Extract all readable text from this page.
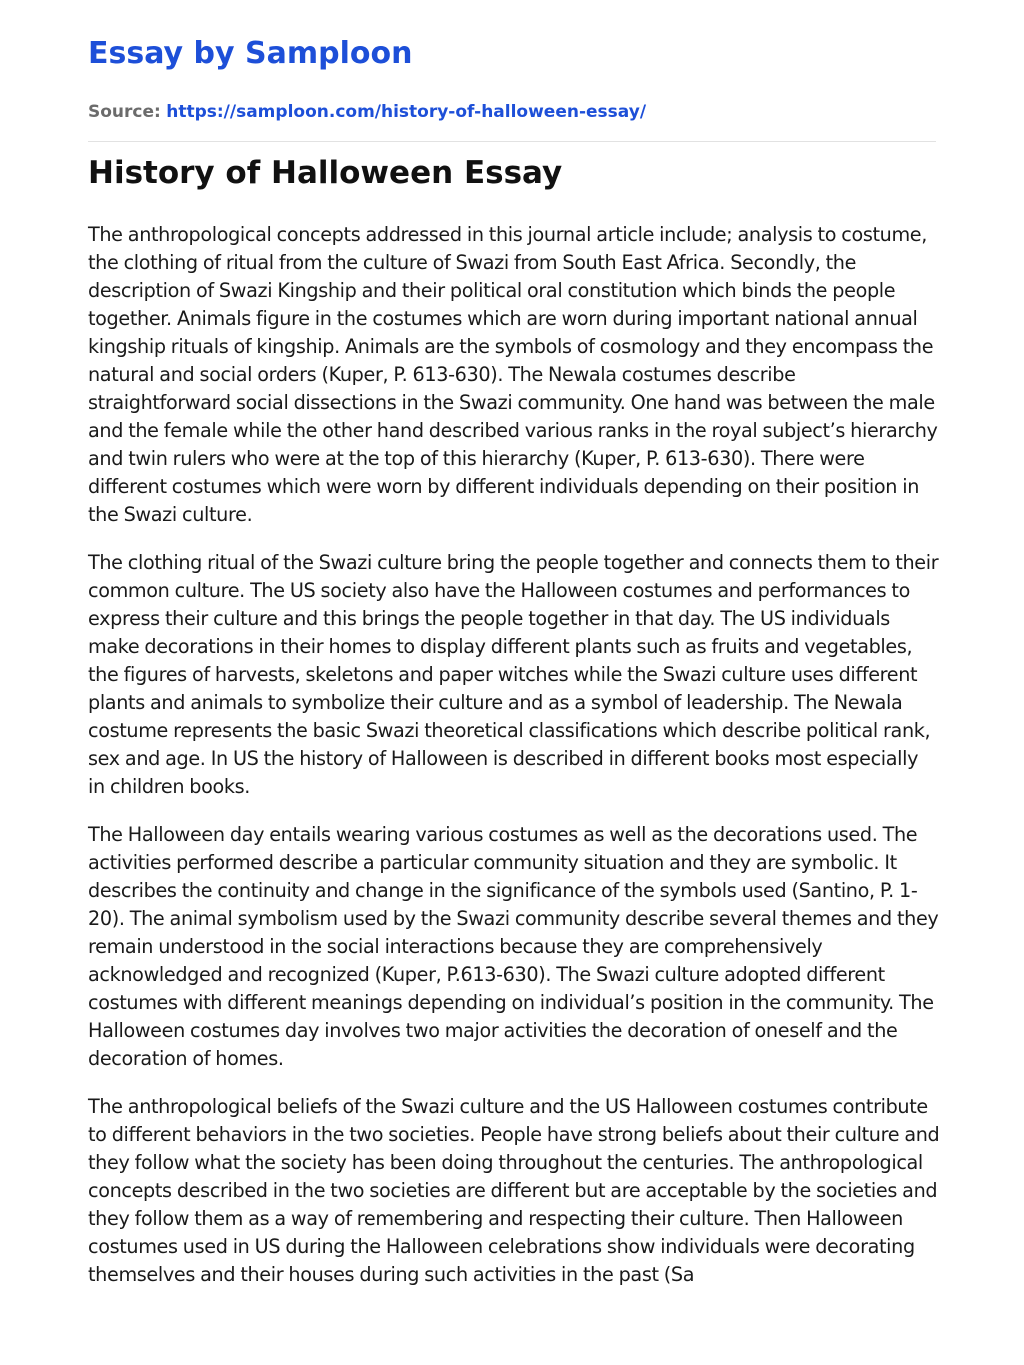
Essay by Samploon
Source: https://samploon.com/history-of-halloween-essay/
History of Halloween Essay

The anthropological concepts addressed in this journal article include; analysis to costume, the clothing of ritual from the culture of Swazi from South East Africa. Secondly, the description of Swazi Kingship and their political oral constitution which binds the people together. Animals figure in the costumes which are worn during important national annual kingship rituals of kingship. Animals are the symbols of cosmology and they encompass the natural and social orders (Kuper, P. 613-630). The Newala costumes describe straightforward social dissections in the Swazi community. One hand was between the male and the female while the other hand described various ranks in the royal subject’s hierarchy and twin rulers who were at the top of this hierarchy (Kuper, P. 613-630). There were different costumes which were worn by different individuals depending on their position in the Swazi culture.

The clothing ritual of the Swazi culture bring the people together and connects them to their common culture. The US society also have the Halloween costumes and performances to express their culture and this brings the people together in that day. The US individuals make decorations in their homes to display different plants such as fruits and vegetables, the figures of harvests, skeletons and paper witches while the Swazi culture uses different plants and animals to symbolize their culture and as a symbol of leadership. The Newala costume represents the basic Swazi theoretical classifications which describe political rank, sex and age. In US the history of Halloween is described in different books most especially in children books.

The Halloween day entails wearing various costumes as well as the decorations used. The activities performed describe a particular community situation and they are symbolic. It describes the continuity and change in the significance of the symbols used (Santino, P. 1-20). The animal symbolism used by the Swazi community describe several themes and they remain understood in the social interactions because they are comprehensively acknowledged and recognized (Kuper, P.613-630). The Swazi culture adopted different costumes with different meanings depending on individual’s position in the community. The Halloween costumes day involves two major activities the decoration of oneself and the decoration of homes.

The anthropological beliefs of the Swazi culture and the US Halloween costumes contribute to different behaviors in the two societies. People have strong beliefs about their culture and they follow what the society has been doing throughout the centuries. The anthropological concepts described in the two societies are different but are acceptable by the societies and they follow them as a way of remembering and respecting their culture. Then Halloween costumes used in US during the Halloween celebrations show individuals were decorating themselves and their houses during such activities in the past (Sa
